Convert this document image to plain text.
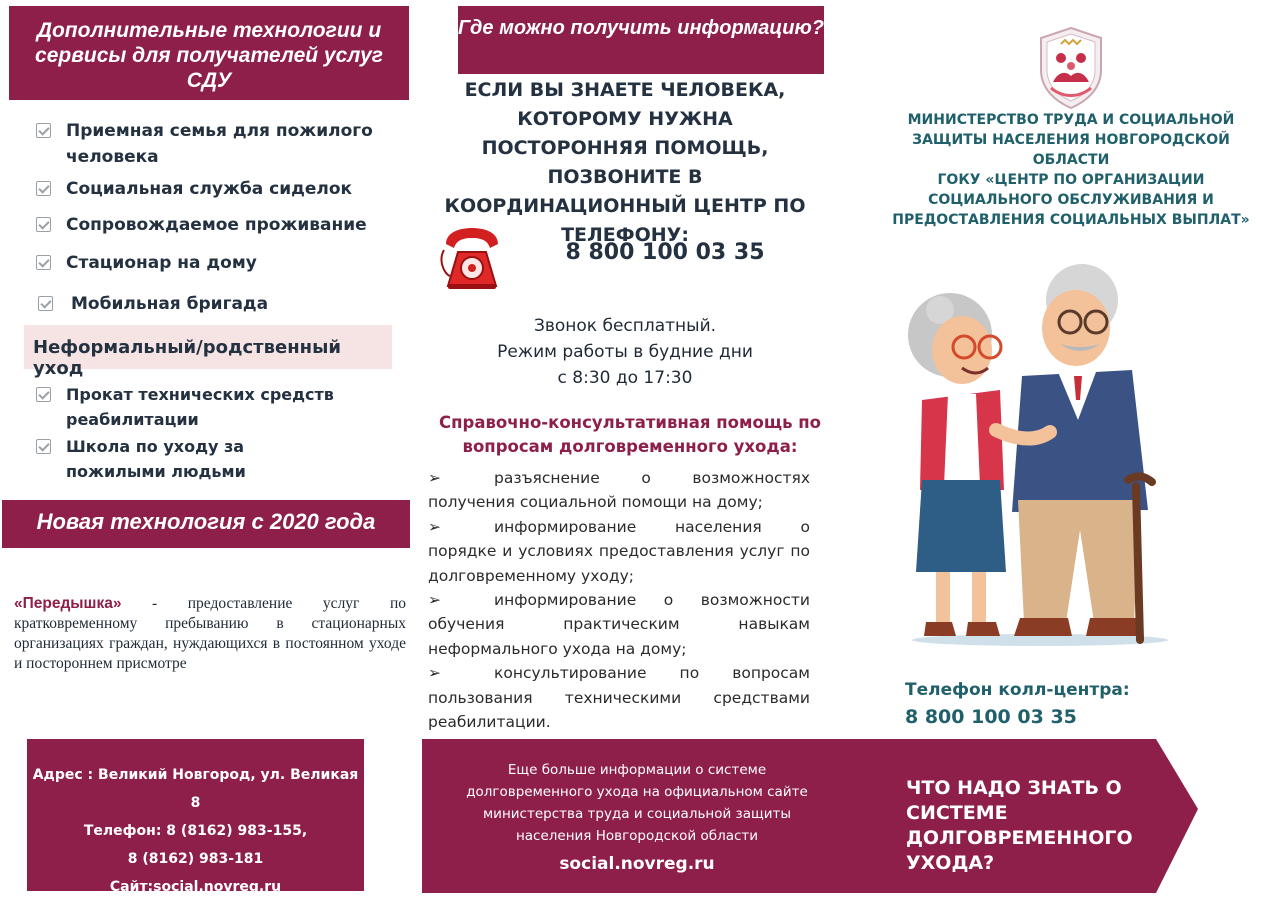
Дополнительные технологии и сервисы для получателей услуг СДУ
Приемная семья для пожилого человека
Социальная служба сиделок
Сопровождаемое проживание
Стационар на дому
Мобильная бригада
Неформальный/родственный уход
Прокат технических средств реабилитации
Школа по уходу за пожилыми людьми
Новая технология с 2020 года
«Передышка» - предоставление услуг по кратковременному пребыванию в стационарных организациях граждан, нуждающихся в постоянном уходе и постороннем присмотре
Адрес : Великий Новгород, ул. Великая 8
Телефон: 8 (8162) 983-155,
8 (8162) 983-181
Сайт:social.novreg.ru
Где можно получить информацию?
ЕСЛИ ВЫ ЗНАЕТЕ ЧЕЛОВЕКА, КОТОРОМУ НУЖНА ПОСТОРОННЯЯ ПОМОЩЬ, ПОЗВОНИТЕ В КООРДИНАЦИОННЫЙ ЦЕНТР ПО ТЕЛЕФОНУ:
8 800 100 03 35
Звонок бесплатный.
Режим работы в будние дни
с 8:30 до 17:30
Справочно-консультативная помощь по вопросам долговременного ухода:
➢	разъяснение о возможностях получения социальной помощи на дому;
➢	информирование населения о порядке и условиях предоставления услуг по долговременному уходу;
➢	информирование о возможности обучения практическим навыкам неформального ухода на дому;
➢	консультирование по вопросам пользования техническими средствами реабилитации.
Еще больше информации о системе долговременного ухода на официальном сайте министерства труда и социальной защиты населения Новгородской области
social.novreg.ru
МИНИСТЕРСТВО ТРУДА И СОЦИАЛЬНОЙ ЗАЩИТЫ НАСЕЛЕНИЯ НОВГОРОДСКОЙ ОБЛАСТИ
ГОКУ «ЦЕНТР ПО ОРГАНИЗАЦИИ СОЦИАЛЬНОГО ОБСЛУЖИВАНИЯ И ПРЕДОСТАВЛЕНИЯ СОЦИАЛЬНЫХ ВЫПЛАТ»
Телефон колл-центра:
8 800 100 03 35
ЧТО НАДО ЗНАТЬ О СИСТЕМЕ ДОЛГОВРЕМЕННОГО УХОДА?
